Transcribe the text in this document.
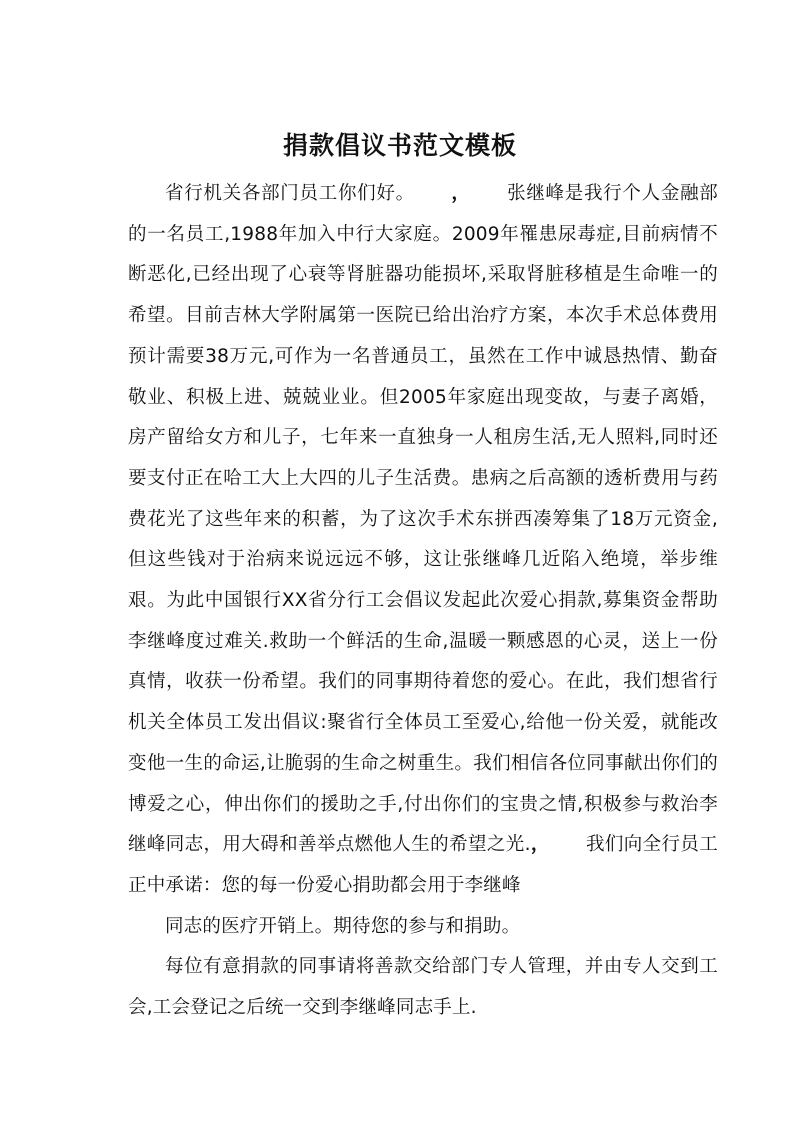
捐款倡议书范文模板

省行机关各部门员工你们好。 ， 张继峰是我行个人金融部的一名员工,1988年加入中行大家庭。2009年罹患尿毒症,目前病情不断恶化,已经出现了心衰等肾脏器功能损坏,采取肾脏移植是生命唯一的希望。目前吉林大学附属第一医院已给出治疗方案，本次手术总体费用预计需要38万元,可作为一名普通员工，虽然在工作中诚恳热情、勤奋敬业、积极上进、兢兢业业。但2005年家庭出现变故，与妻子离婚，房产留给女方和儿子，七年来一直独身一人租房生活,无人照料,同时还要支付正在哈工大上大四的儿子生活费。患病之后高额的透析费用与药费花光了这些年来的积蓄，为了这次手术东拼西凑筹集了18万元资金,但这些钱对于治病来说远远不够，这让张继峰几近陷入绝境，举步维艰。为此中国银行XX省分行工会倡议发起此次爱心捐款,募集资金帮助李继峰度过难关.救助一个鲜活的生命,温暖一颗感恩的心灵，送上一份真情，收获一份希望。我们的同事期待着您的爱心。在此，我们想省行机关全体员工发出倡议:聚省行全体员工至爱心,给他一份关爱，就能改变他一生的命运,让脆弱的生命之树重生。我们相信各位同事献出你们的博爱之心，伸出你们的援助之手,付出你们的宝贵之情,积极参与救治李继峰同志，用大碍和善举点燃他人生的希望之光.， 我们向全行员工正中承诺：您的每一份爱心捐助都会用于李继峰

同志的医疗开销上。期待您的参与和捐助。

每位有意捐款的同事请将善款交给部门专人管理，并由专人交到工会,工会登记之后统一交到李继峰同志手上.
